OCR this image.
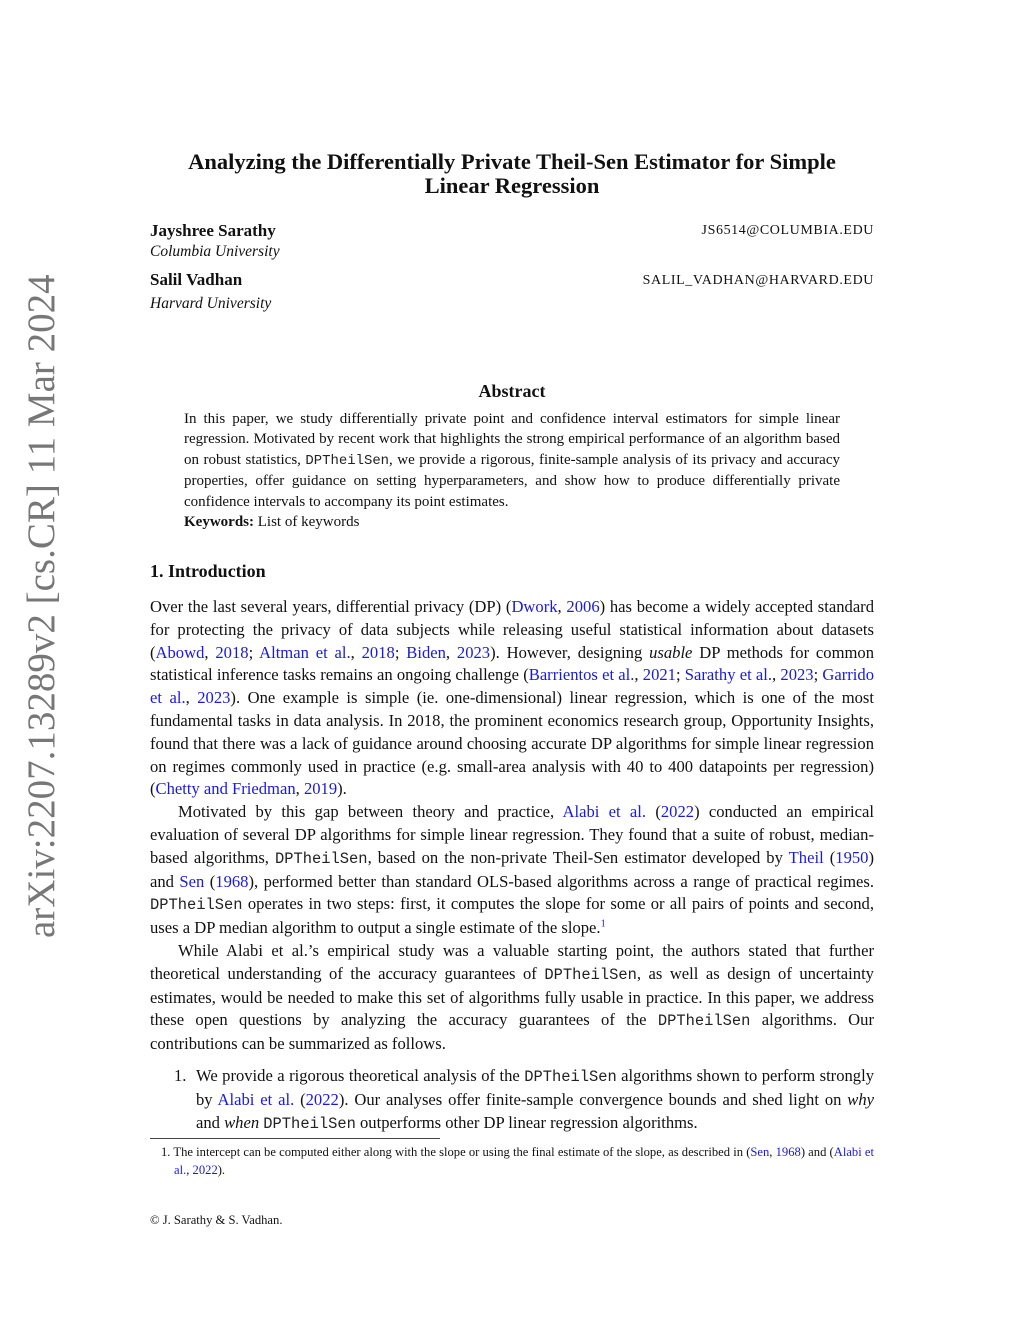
arXiv:2207.13289v2 [cs.CR] 11 Mar 2024
Analyzing the Differentially Private Theil-Sen Estimator for Simple
Linear Regression
Jayshree Sarathy	JS6514@COLUMBIA.EDU
Columbia University
Salil Vadhan	SALIL_VADHAN@HARVARD.EDU
Harvard University
Abstract

In this paper, we study differentially private point and confidence interval estimators for simple linear regression. Motivated by recent work that highlights the strong empirical performance of an algorithm based on robust statistics, DPTheilSen, we provide a rigorous, finite-sample analysis of its privacy and accuracy properties, offer guidance on setting hyperparameters, and show how to produce differentially private confidence intervals to accompany its point estimates.

Keywords: List of keywords

1. Introduction

Over the last several years, differential privacy (DP) (Dwork, 2006) has become a widely accepted standard for protecting the privacy of data subjects while releasing useful statistical information about datasets (Abowd, 2018; Altman et al., 2018; Biden, 2023). However, designing usable DP methods for common statistical inference tasks remains an ongoing challenge (Barrientos et al., 2021; Sarathy et al., 2023; Garrido et al., 2023). One example is simple (ie. one-dimensional) linear regression, which is one of the most fundamental tasks in data analysis. In 2018, the prominent economics research group, Opportunity Insights, found that there was a lack of guidance around choosing accurate DP algorithms for simple linear regression on regimes commonly used in practice (e.g. small-area analysis with 40 to 400 datapoints per regression) (Chetty and Friedman, 2019).

Motivated by this gap between theory and practice, Alabi et al. (2022) conducted an empirical evaluation of several DP algorithms for simple linear regression. They found that a suite of robust, median-based algorithms, DPTheilSen, based on the non-private Theil-Sen estimator developed by Theil (1950) and Sen (1968), performed better than standard OLS-based algorithms across a range of practical regimes. DPTheilSen operates in two steps: first, it computes the slope for some or all pairs of points and second, uses a DP median algorithm to output a single estimate of the slope.$^1$

While Alabi et al.’s empirical study was a valuable starting point, the authors stated that further theoretical understanding of the accuracy guarantees of DPTheilSen, as well as design of uncertainty estimates, would be needed to make this set of algorithms fully usable in practice. In this paper, we address these open questions by analyzing the accuracy guarantees of the DPTheilSen algorithms. Our contributions can be summarized as follows.

1. We provide a rigorous theoretical analysis of the DPTheilSen algorithms shown to perform strongly by Alabi et al. (2022). Our analyses offer finite-sample convergence bounds and shed light on why and when DPTheilSen outperforms other DP linear regression algorithms.

1. The intercept can be computed either along with the slope or using the final estimate of the slope, as described in (Sen, 1968) and (Alabi et al., 2022).

© J. Sarathy & S. Vadhan.
